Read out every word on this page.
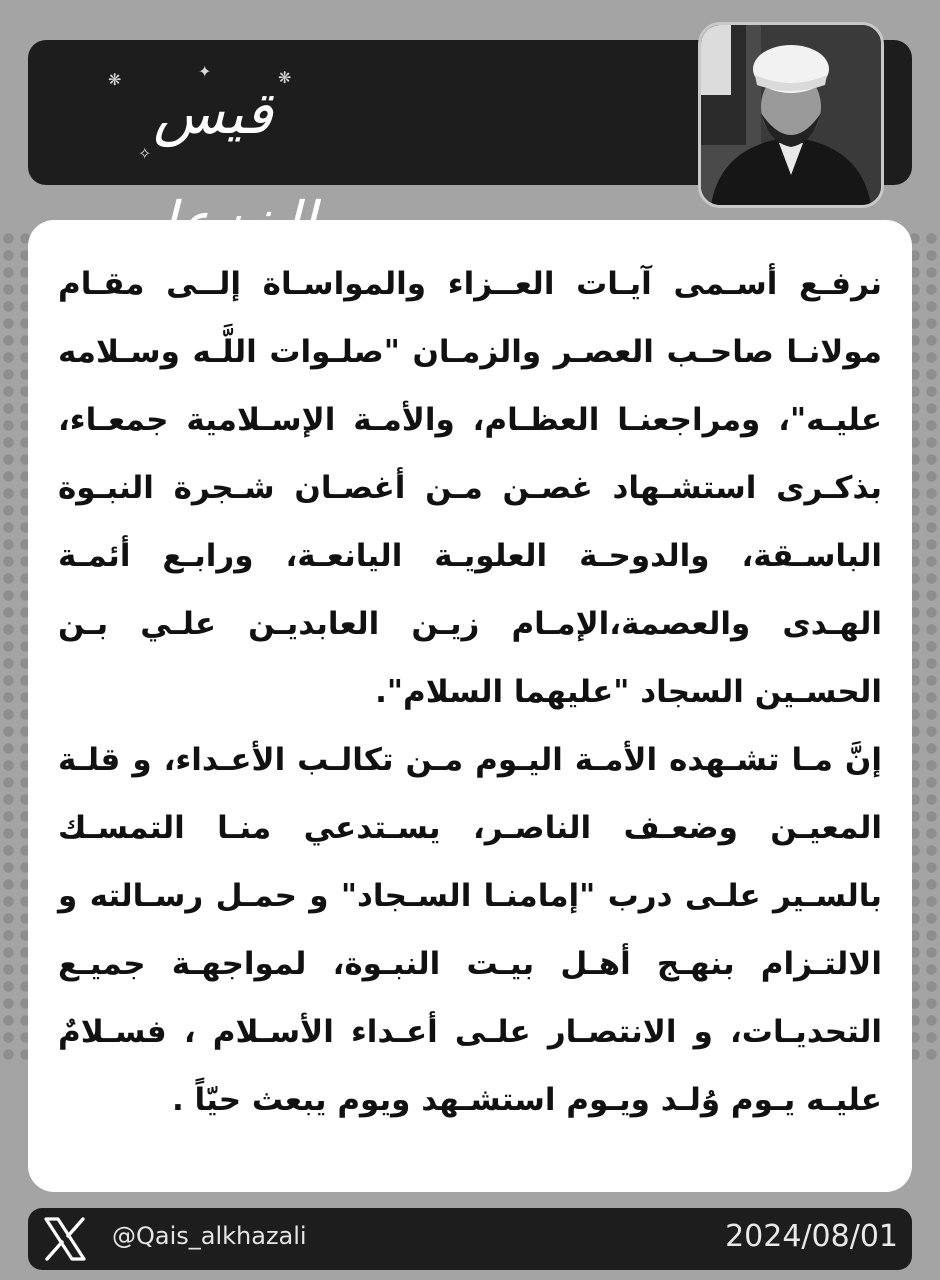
❋	✦	❋
✧
قيس
نرفـع أسـمى آيـات العــزاء والمواسـاة إلــى مقـام مولانـا صاحـب العصـر والزمـان "صلـوات اللَّـه وسـلامه عليـه"، ومراجعنـا العظـام، والأمـة الإسـلامية جمعـاء، بذكـرى استشـهاد غصـن مـن أغصـان شـجرة النبـوة الباسـقة، والدوحـة العلويـة اليانعـة، ورابـع أئمـة الهـدى والعصمة،الإمـام زيـن العابديـن علـي بـن الحسـين السجاد "عليهما السلام".
إنَّ مـا تشـهده الأمـة اليـوم مـن تكالـب الأعـداء، و قلـة المعيـن وضعـف الناصـر، يسـتدعي منـا التمسـك بالسـير علـى درب "إمامنـا السـجاد" و حمـل رسـالته و الالتـزام بنهـج أهـل بيـت النبـوة، لمواجهـة جميـع التحديـات، و الانتصـار علـى أعـداء الأسـلام ، فسـلامٌ عليـه يـوم وُلـد ويـوم استشـهد ويوم يبعث حيّاً .
@Qais_alkhazali	2024/08/01
